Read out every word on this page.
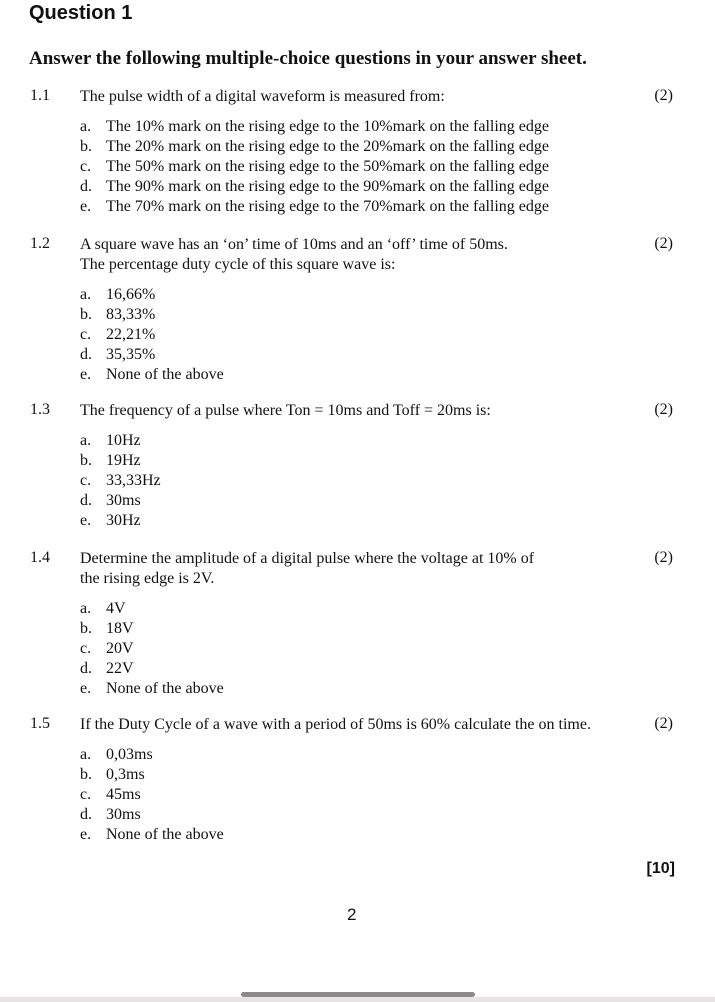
Question 1
Answer the following multiple-choice questions in your answer sheet.
1.1 The pulse width of a digital waveform is measured from:	(2)
a. The 10% mark on the rising edge to the 10%mark on the falling edge
b. The 20% mark on the rising edge to the 20%mark on the falling edge
c. The 50% mark on the rising edge to the 50%mark on the falling edge
d. The 90% mark on the rising edge to the 90%mark on the falling edge
e. The 70% mark on the rising edge to the 70%mark on the falling edge
1.2 A square wave has an ‘on’ time of 10ms and an ‘off’ time of 50ms.
The percentage duty cycle of this square wave is:
(2)
a. 16,66%
b. 83,33%
c. 22,21%
d. 35,35%
e. None of the above
1.3 The frequency of a pulse where Ton = 10ms and Toff = 20ms is:	(2)
a. 10Hz
b. 19Hz
c. 33,33Hz
d. 30ms
e. 30Hz
1.4 Determine the amplitude of a digital pulse where the voltage at 10% of
the rising edge is 2V.
(2)
a. 4V
b. 18V
c. 20V
d. 22V
e. None of the above
1.5 If the Duty Cycle of a wave with a period of 50ms is 60% calculate the on time.	(2)
a. 0,03ms
b. 0,3ms
c. 45ms
d. 30ms
e. None of the above
[10]
2
